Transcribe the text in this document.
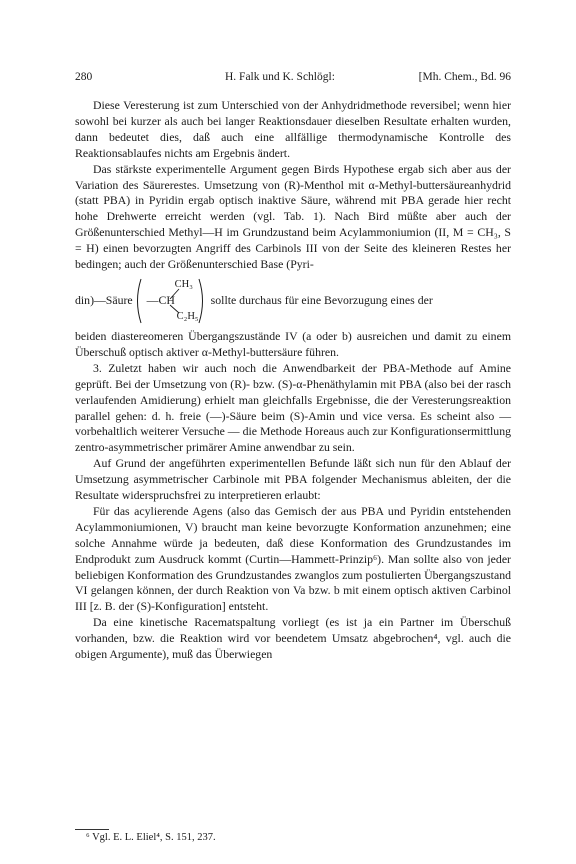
280	H. Falk und K. Schlögl:	[Mh. Chem., Bd. 96

Diese Veresterung ist zum Unterschied von der Anhydridmethode reversibel; wenn hier sowohl bei kurzer als auch bei langer Reaktionsdauer dieselben Resultate erhalten wurden, dann bedeutet dies, daß auch eine allfällige thermodynamische Kontrolle des Reaktionsablaufes nichts am Ergebnis ändert.

Das stärkste experimentelle Argument gegen Birds Hypothese ergab sich aber aus der Variation des Säurerestes. Umsetzung von (R)-Menthol mit α-Methyl-buttersäureanhydrid (statt PBA) in Pyridin ergab optisch inaktive Säure, während mit PBA gerade hier recht hohe Drehwerte erreicht werden (vgl. Tab. 1). Nach Bird müßte aber auch der Größenunterschied Methyl—H im Grundzustand beim Acylammoniumion (II, M = CH₃, S = H) einen bevorzugten Angriff des Carbinols III von der Seite des kleineren Restes her bedingen; auch der Größenunterschied Base (Pyri-

din)—Säure —CH
CH₃
C₂H₅
sollte durchaus für eine Bevorzugung eines der

beiden diastereomeren Übergangszustände IV (a oder b) ausreichen und damit zu einem Überschuß optisch aktiver α-Methyl-buttersäure führen.

3. Zuletzt haben wir auch noch die Anwendbarkeit der PBA-Methode auf Amine geprüft. Bei der Umsetzung von (R)- bzw. (S)-α-Phenäthylamin mit PBA (also bei der rasch verlaufenden Amidierung) erhielt man gleichfalls Ergebnisse, die der Veresterungsreaktion parallel gehen: d. h. freie (—)-Säure beim (S)-Amin und vice versa. Es scheint also — vorbehaltlich weiterer Versuche — die Methode Horeaus auch zur Konfigurationsermittlung zentro-asymmetrischer primärer Amine anwendbar zu sein.

Auf Grund der angeführten experimentellen Befunde läßt sich nun für den Ablauf der Umsetzung asymmetrischer Carbinole mit PBA folgender Mechanismus ableiten, der die Resultate widerspruchsfrei zu interpretieren erlaubt:

Für das acylierende Agens (also das Gemisch der aus PBA und Pyridin entstehenden Acylammoniumionen, V) braucht man keine bevorzugte Konformation anzunehmen; eine solche Annahme würde ja bedeuten, daß diese Konformation des Grundzustandes im Endprodukt zum Ausdruck kommt (Curtin—Hammett-Prinzip⁶). Man sollte also von jeder beliebigen Konformation des Grundzustandes zwanglos zum postulierten Übergangszustand VI gelangen können, der durch Reaktion von Va bzw. b mit einem optisch aktiven Carbinol III [z. B. der (S)-Konfiguration] entsteht.

Da eine kinetische Racematspaltung vorliegt (es ist ja ein Partner im Überschuß vorhanden, bzw. die Reaktion wird vor beendetem Umsatz abgebrochen⁴, vgl. auch die obigen Argumente), muß das Überwiegen

⁶ Vgl. E. L. Eliel⁴, S. 151, 237.
